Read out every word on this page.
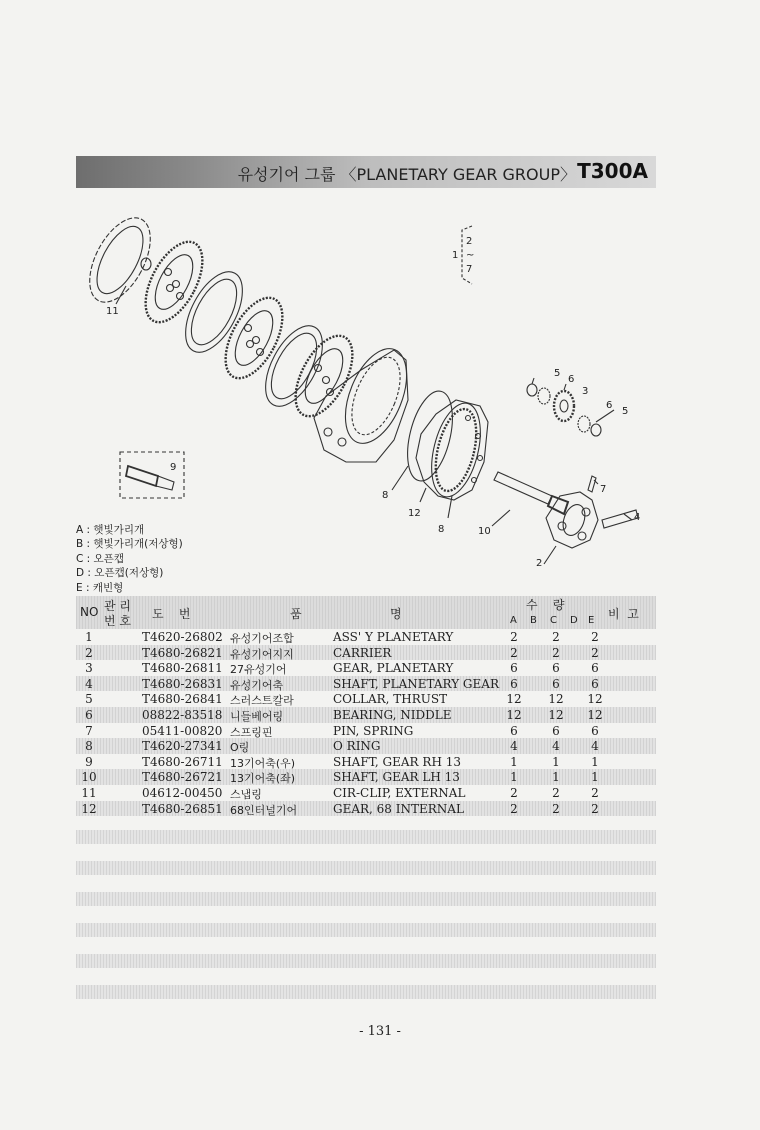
유성기어 그룹 〈PLANETARY GEAR GROUP〉 T300A
1
2
~
7
11
5
6
3
6
5
9
7
4
8
12
8	10
2
A : 햇빛가리개
B : 햇빛가리개(저상형)
C : 오픈캡
D : 오픈캡(저상형)
E : 캐빈형
NO 관 리
번 호 도    번	품	명
수    량
A B C D E 비  고
1	T4620-26802 유성기어조합	ASS' Y PLANETARY	2	2	2
2	T4680-26821 유성기어지지	CARRIER	2	2	2
3	T4680-26811 27유성기어	GEAR, PLANETARY	6	6	6
4	T4680-26831 유성기어축	SHAFT, PLANETARY GEAR 6	6	6
5	T4680-26841 스러스트칼라	COLLAR, THRUST	12 12 12
6	08822-83518 니들베어링	BEARING, NIDDLE	12 12 12
7	05411-00820 스프링핀	PIN, SPRING	6	6	6
8	T4620-27341 O링	O RING	4	4	4
9	T4680-26711 13기어축(우)	SHAFT, GEAR RH 13	1	1	1
10	T4680-26721 13기어축(좌)	SHAFT, GEAR LH 13	1	1	1
11	04612-00450 스냅링	CIR-CLIP, EXTERNAL	2	2	2
12	T4680-26851 68인터널기어	GEAR, 68 INTERNAL	2	2	2
- 131 -
